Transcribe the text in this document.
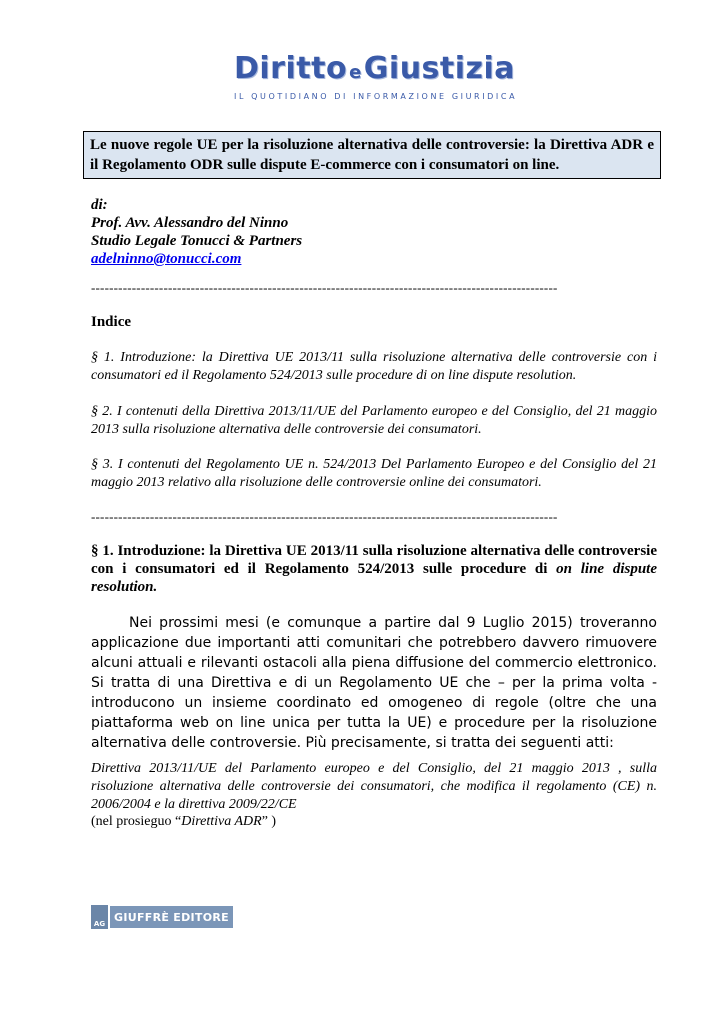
Diritto eGiustizia
IL QUOTIDIANO DI INFORMAZIONE GIURIDICA
Le nuove regole UE per la risoluzione alternativa delle controversie: la Direttiva ADR e il Regolamento ODR sulle dispute E-commerce con i consumatori on line.
di:
Prof. Avv. Alessandro del Ninno
Studio Legale Tonucci & Partners
adelninno@tonucci.com
-------------------------------------------------------------------------------------------------------
Indice
§ 1. Introduzione: la Direttiva UE 2013/11 sulla risoluzione alternativa delle controversie con i consumatori ed il Regolamento 524/2013 sulle procedure di on line dispute resolution.
§ 2. I contenuti della Direttiva 2013/11/UE del Parlamento europeo e del Consiglio, del 21 maggio 2013 sulla risoluzione alternativa delle controversie dei consumatori.
§ 3. I contenuti del Regolamento UE n. 524/2013 Del Parlamento Europeo e del Consiglio del 21 maggio 2013 relativo alla risoluzione delle controversie online dei consumatori.
-------------------------------------------------------------------------------------------------------
§ 1. Introduzione: la Direttiva UE 2013/11 sulla risoluzione alternativa delle controversie con i consumatori ed il Regolamento 524/2013 sulle procedure di on line dispute resolution.
Nei prossimi mesi (e comunque a partire dal 9 Luglio 2015) troveranno applicazione due importanti atti comunitari che potrebbero davvero rimuovere alcuni attuali e rilevanti ostacoli alla piena diffusione del commercio elettronico. Si tratta di una Direttiva e di un Regolamento UE che – per la prima volta - introducono un insieme coordinato ed omogeneo di regole (oltre che una piattaforma web on line unica per tutta la UE) e procedure per la risoluzione alternativa delle controversie. Più precisamente, si tratta dei seguenti atti:
Direttiva 2013/11/UE del Parlamento europeo e del Consiglio, del 21 maggio 2013 , sulla risoluzione alternativa delle controversie dei consumatori, che modifica il regolamento (CE) n. 2006/2004 e la direttiva 2009/22/CE
(nel prosieguo “Direttiva ADR” )
AG
GIUFFRÈ EDITORE
